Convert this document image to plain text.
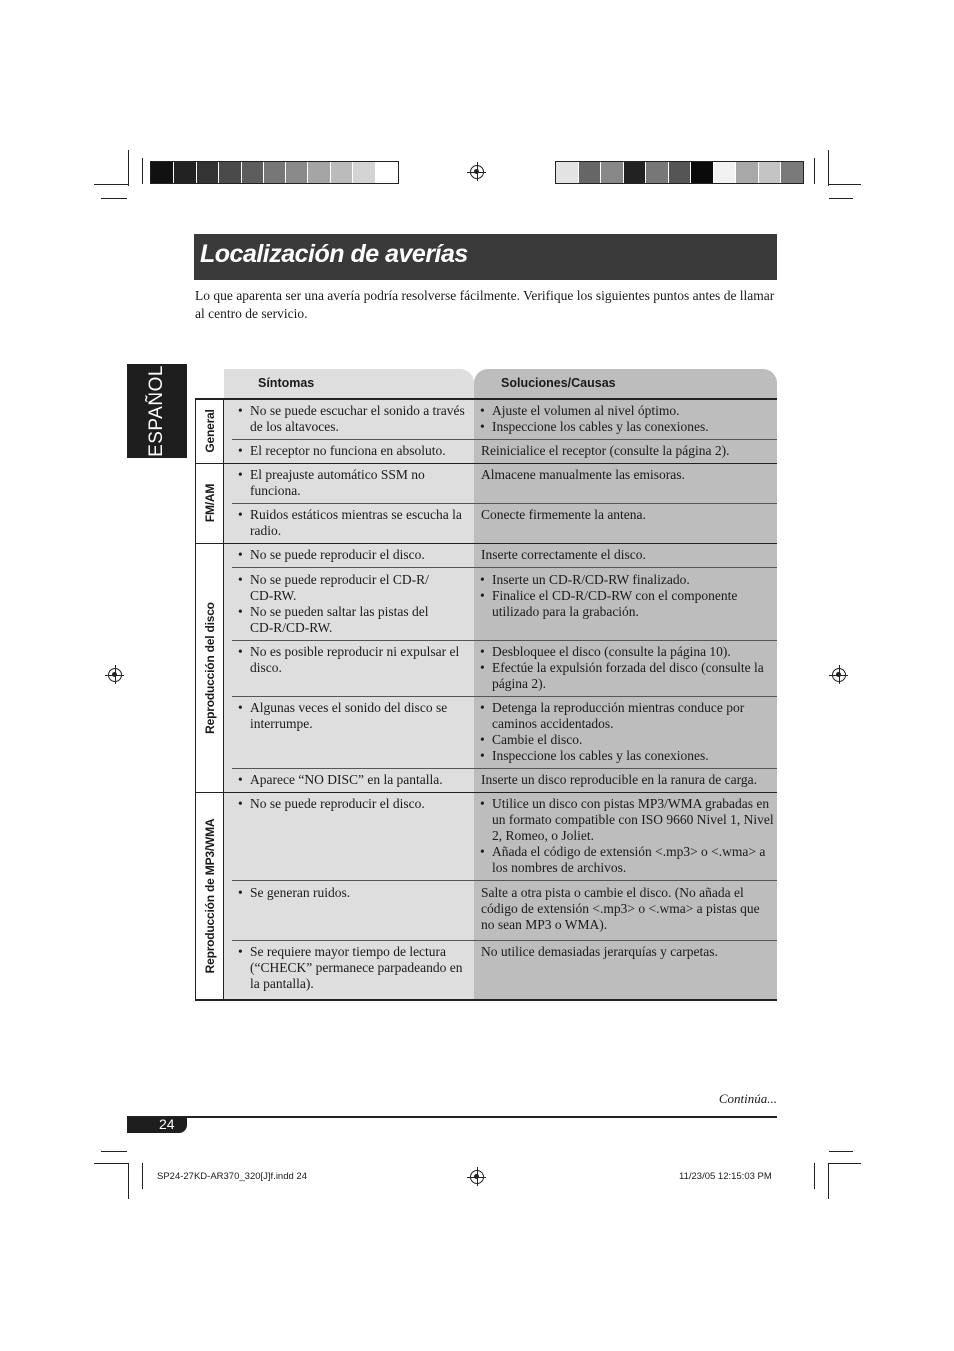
Localización de averías

Lo que aparenta ser una avería podría resolverse fácilmente. Verifique los siguientes puntos antes de llamar al centro de servicio.

ESPAÑOL	Síntomas	Soluciones/Causas
General
FM/AM
Reproducción del disco
Reproducción de MP3/WMA
• No se puede escuchar el sonido a través de los altavoces.
• Ajuste el volumen al nivel óptimo.
• Inspeccione los cables y las conexiones.
• El receptor no funciona en absoluto.	Reinicialice el receptor (consulte la página 2).
• El preajuste automático SSM no funciona.
Almacene manualmente las emisoras.
• Ruidos estáticos mientras se escucha la radio.
Conecte firmemente la antena.
• No se puede reproducir el disco.	Inserte correctamente el disco.
• No se puede reproducir el CD-R/ CD-RW.
• No se pueden saltar las pistas del CD-R/CD-RW.
• Inserte un CD-R/CD-RW finalizado.
• Finalice el CD-R/CD-RW con el componente utilizado para la grabación.
• No es posible reproducir ni expulsar el disco.
• Desbloquee el disco (consulte la página 10).
• Efectúe la expulsión forzada del disco (consulte la página 2).
• Algunas veces el sonido del disco se interrumpe.
• Detenga la reproducción mientras conduce por caminos accidentados.
• Cambie el disco.
• Inspeccione los cables y las conexiones.
• Aparece “NO DISC” en la pantalla.	Inserte un disco reproducible en la ranura de carga.
• No se puede reproducir el disco.
•	Utilice un disco con pistas MP3/WMA grabadas en un formato compatible con ISO 9660 Nivel 1, Nivel 2, Romeo, o Joliet.
• Añada el código de extensión <.mp3> o <.wma> a los nombres de archivos.
• Se generan ruidos.	Salte a otra pista o cambie el disco. (No añada el código de extensión <.mp3> o <.wma> a pistas que no sean MP3 o WMA).
• Se requiere mayor tiempo de lectura (“CHECK” permanece parpadeando en la pantalla).
No utilice demasiadas jerarquías y carpetas.
Continúa...
24
SP24-27KD-AR370_320[J]f.indd 24	11/23/05 12:15:03 PM
